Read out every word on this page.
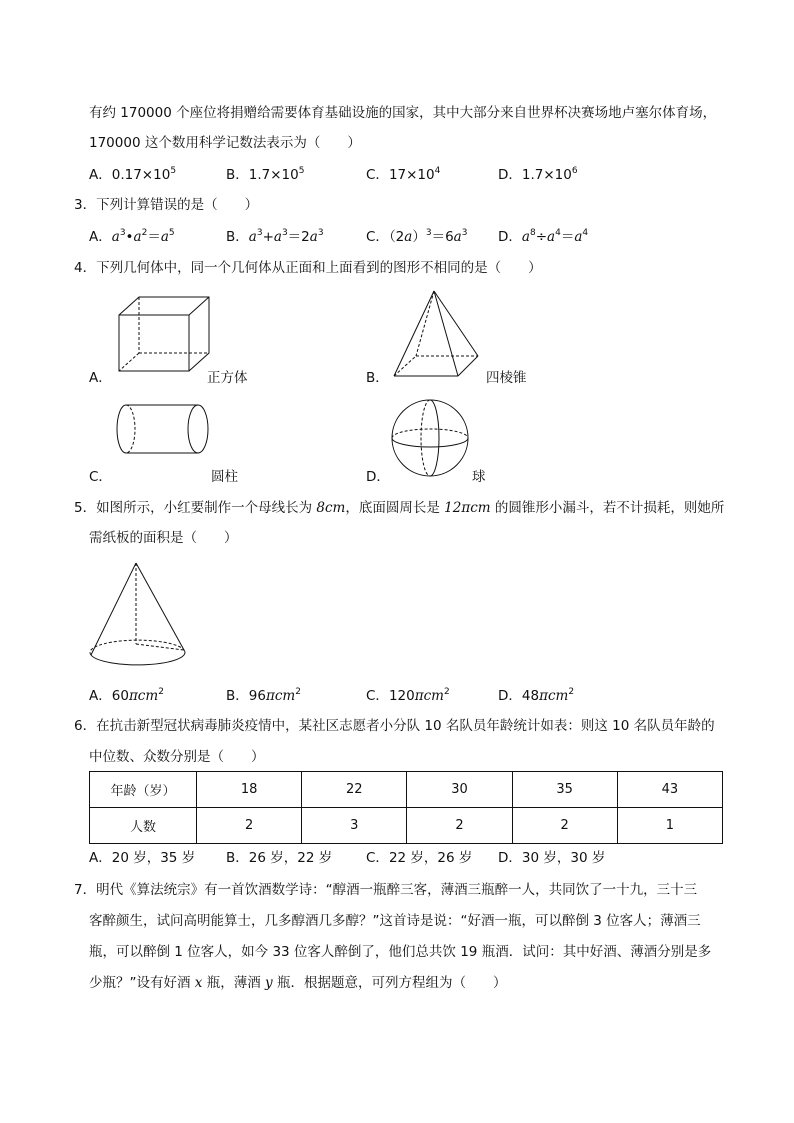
有约 170000 个座位将捐赠给需要体育基础设施的国家，其中大部分来自世界杯决赛场地卢塞尔体育场，
170000 这个数用科学记数法表示为（　　）
A．$0.17\times 10^5$	B．$1.7\times 10^5$	C．$17\times 10^4$	D．$1.7\times 10^6$
3．下列计算错误的是（　　）
A．$a^3•a^2=a^5$	B．$a^3+a^3=2a^3$	C．$(2a)^3=6a^3$ D．$a^8\div a^4=a^4$
4．下列几何体中，同一个几何体从正面和上面看到的图形不相同的是（　　）
A．	正方体	B．	四棱锥
C．	圆柱	D．	球
5．如图所示，小红要制作一个母线长为 8cm，底面圆周长是 12πcm 的圆锥形小漏斗，若不计损耗，则她所
需纸板的面积是（　　）
A．60πcm$^2$	B．96πcm$^2$	C．120πcm$^2$	D．48πcm$^2$
6．在抗击新型冠状病毒肺炎疫情中，某社区志愿者小分队 10 名队员年龄统计如表：则这 10 名队员年龄的
中位数、众数分别是（　　）
年龄（岁）	18	22	30	35	43
人数	2	3	2	2	1
A．20 岁，35 岁 B．26 岁，22 岁	C．22 岁，26 岁 D．30 岁，30 岁
7．明代《算法统宗》有一首饮酒数学诗：“醇酒一瓶醉三客，薄酒三瓶醉一人，共同饮了一十九，三十三
客醉颜生，试问高明能算士，几多醇酒几多醇？”这首诗是说：“好酒一瓶，可以醉倒 3 位客人；薄酒三
瓶，可以醉倒 1 位客人，如今 33 位客人醉倒了，他们总共饮 19 瓶酒．试问：其中好酒、薄酒分别是多
少瓶？”设有好酒 x 瓶，薄酒 y 瓶．根据题意，可列方程组为（　　）
